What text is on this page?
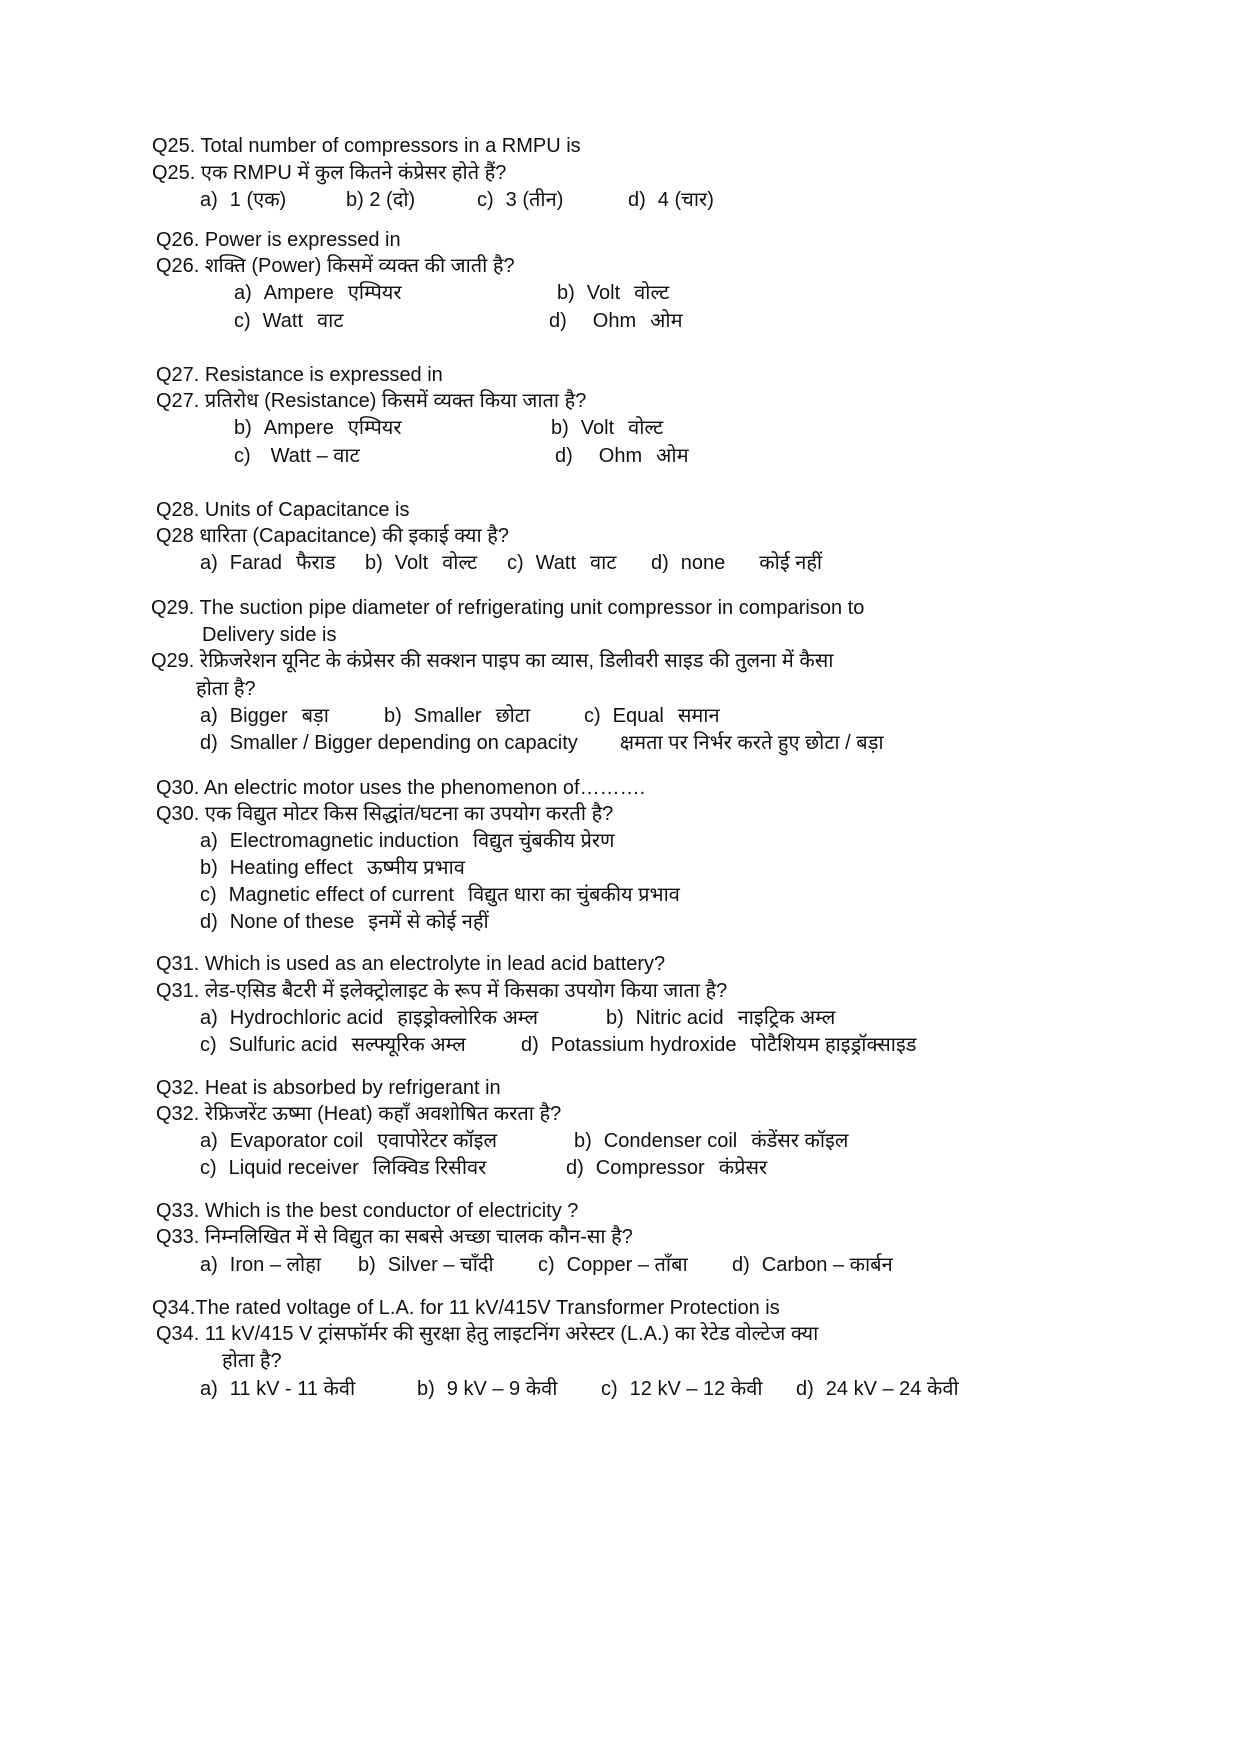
Q25. Total number of compressors in a RMPU is
Q25. एक RMPU में कुल कितने कंप्रेसर होते हैं?
a) 1 (एक)	b) 2 (दो)	c) 3 (तीन)	d) 4 (चार)
Q26. Power is expressed in
Q26. शक्ति (Power) किसमें व्यक्त की जाती है?
a) Ampere एम्पियर	b) Volt वोल्ट
c) Watt वाट	d) Ohm ओम
Q27. Resistance is expressed in
Q27. प्रतिरोध (Resistance) किसमें व्यक्त किया जाता है?
b) Ampere एम्पियर	b) Volt वोल्ट
c) Watt – वाट	d) Ohm ओम
Q28. Units of Capacitance is
Q28 धारिता (Capacitance) की इकाई क्या है?
a) Farad फैराड b) Volt वोल्ट c) Watt वाट d) none कोई नहीं
Q29. The suction pipe diameter of refrigerating unit compressor in comparison to
Delivery side is
Q29. रेफ्रिजरेशन यूनिट के कंप्रेसर की सक्शन पाइप का व्यास, डिलीवरी साइड की तुलना में कैसा
होता है?
a) Bigger बड़ा	b) Smaller छोटा	c) Equal समान
d) Smaller / Bigger depending on capacity क्षमता पर निर्भर करते हुए छोटा / बड़ा
Q30. An electric motor uses the phenomenon of……….
Q30. एक विद्युत मोटर किस सिद्धांत/घटना का उपयोग करती है?
a) Electromagnetic induction विद्युत चुंबकीय प्रेरण
b) Heating effect ऊष्मीय प्रभाव
c) Magnetic effect of current विद्युत धारा का चुंबकीय प्रभाव
d) None of these इनमें से कोई नहीं
Q31. Which is used as an electrolyte in lead acid battery?
Q31. लेड-एसिड बैटरी में इलेक्ट्रोलाइट के रूप में किसका उपयोग किया जाता है?
a) Hydrochloric acid हाइड्रोक्लोरिक अम्ल	b) Nitric acid नाइट्रिक अम्ल
c) Sulfuric acid सल्फ्यूरिक अम्ल	d) Potassium hydroxide पोटैशियम हाइड्रॉक्साइड
Q32. Heat is absorbed by refrigerant in
Q32. रेफ्रिजरेंट ऊष्मा (Heat) कहाँ अवशोषित करता है?
a) Evaporator coil एवापोरेटर कॉइल	b) Condenser coil कंडेंसर कॉइल
c) Liquid receiver लिक्विड रिसीवर	d) Compressor कंप्रेसर
Q33. Which is the best conductor of electricity ?
Q33. निम्नलिखित में से विद्युत का सबसे अच्छा चालक कौन-सा है?
a) Iron – लोहा b) Silver – चाँदी c) Copper – ताँबा d) Carbon – कार्बन
Q34.The rated voltage of L.A. for 11 kV/415V Transformer Protection is
Q34. 11 kV/415 V ट्रांसफॉर्मर की सुरक्षा हेतु लाइटनिंग अरेस्टर (L.A.) का रेटेड वोल्टेज क्या
होता है?
a) 11 kV - 11 केवी	b) 9 kV – 9 केवी c) 12 kV – 12 केवी d) 24 kV – 24 केवी
